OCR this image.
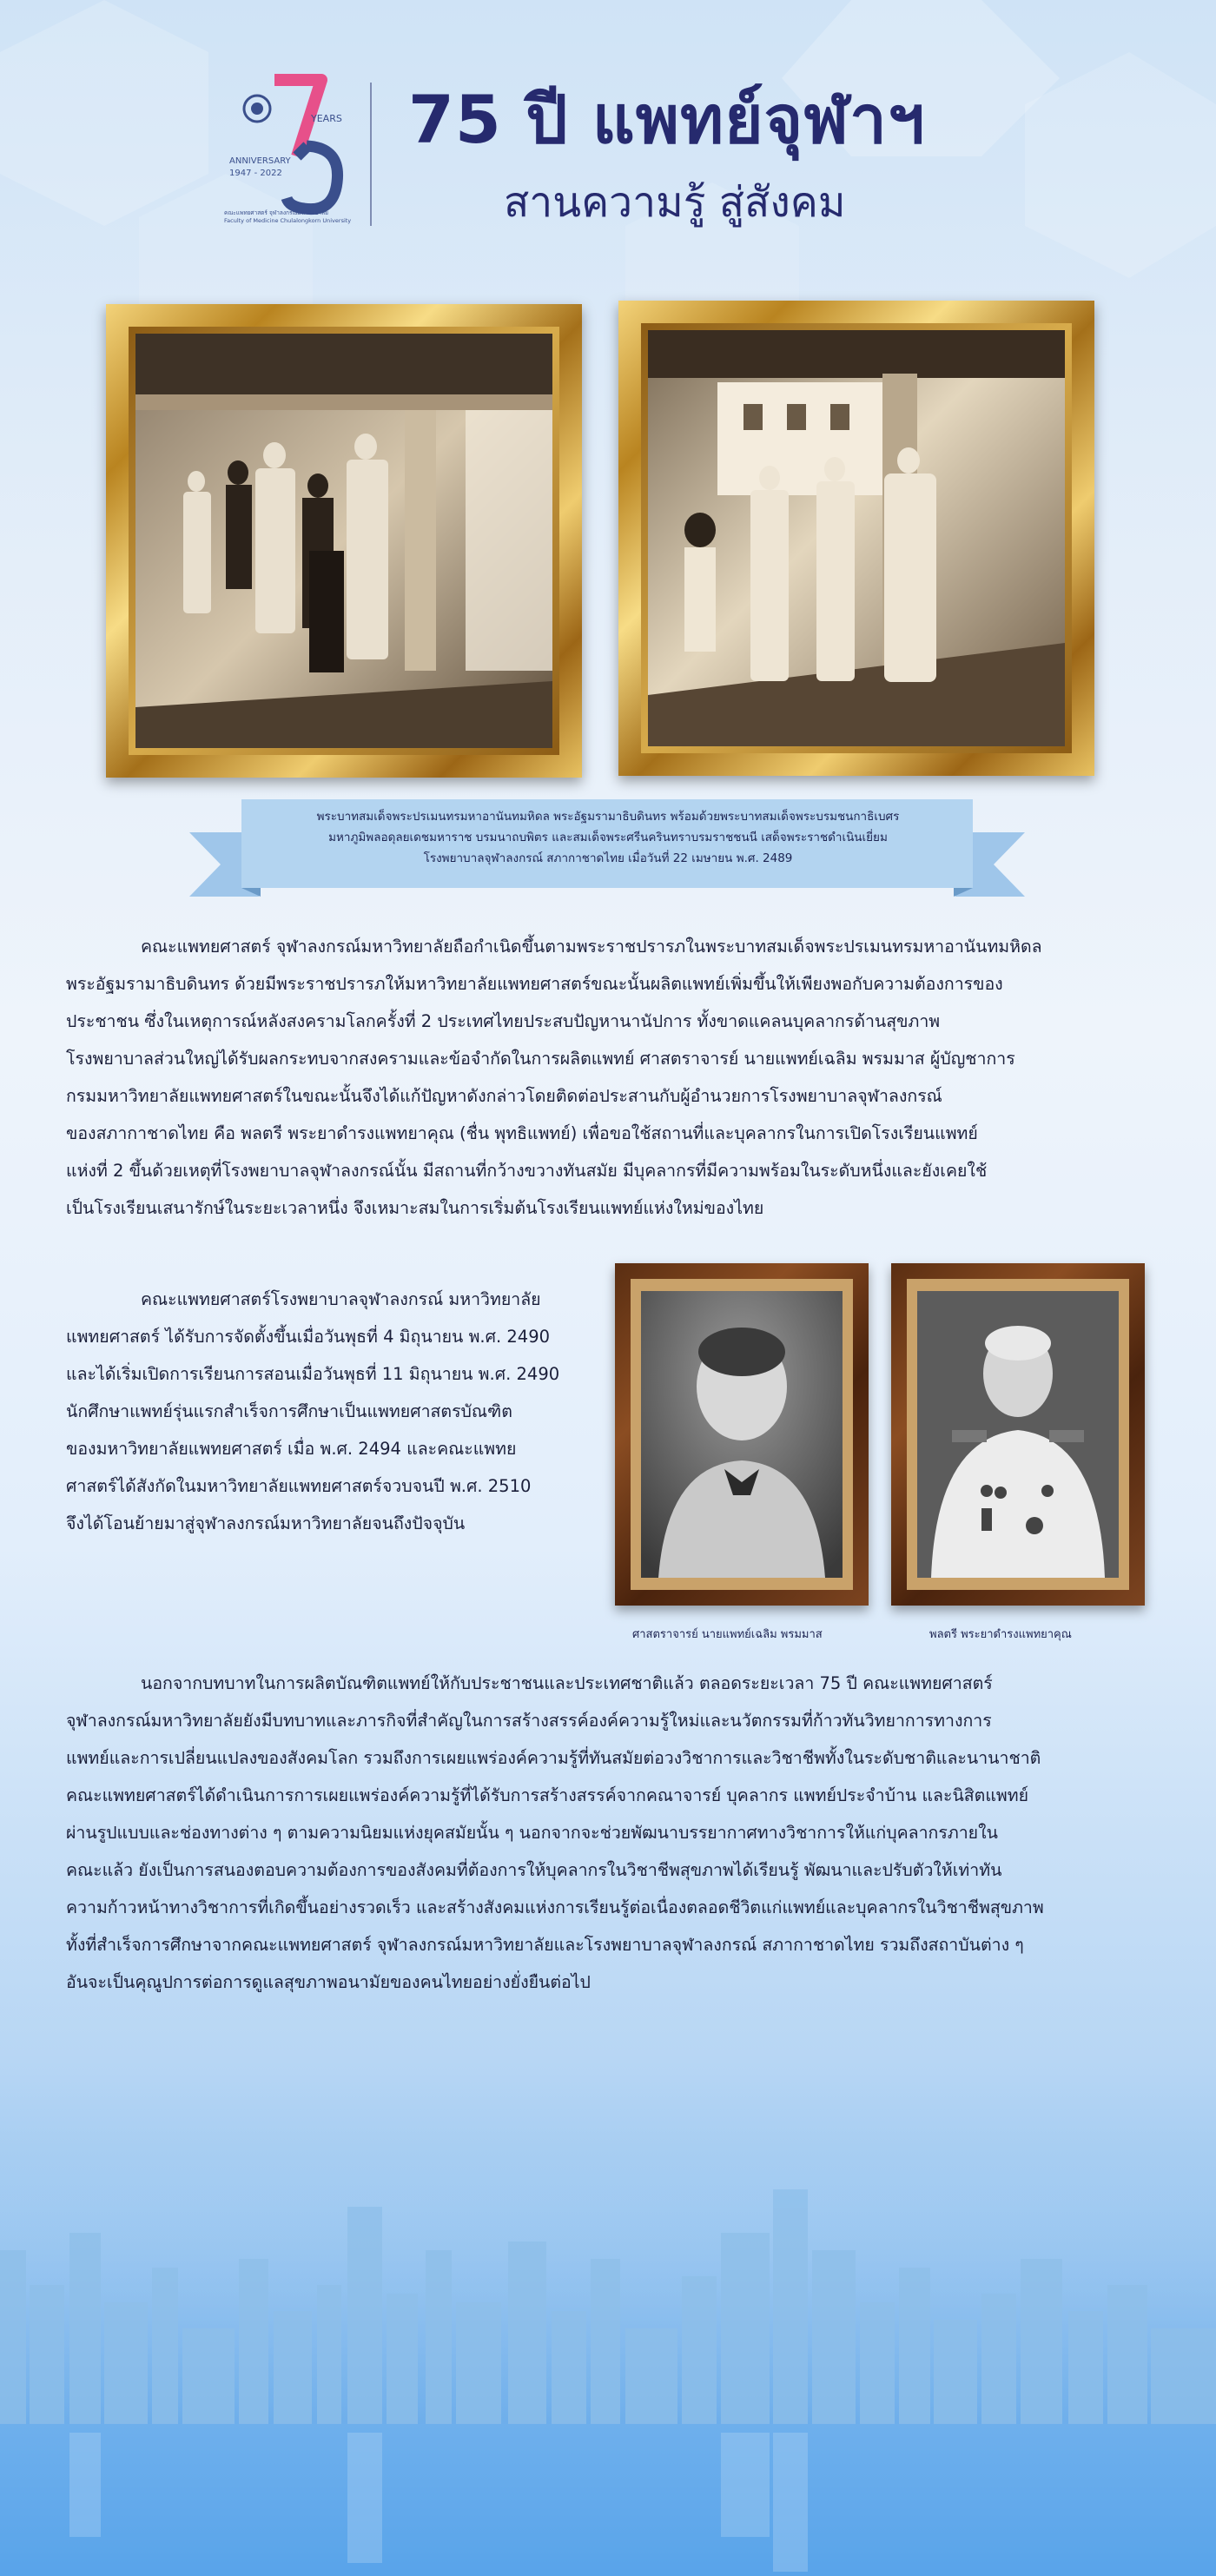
YEARS
ANNIVERSARY
1947 - 2022
คณะแพทยศาสตร์ จุฬาลงกรณ์มหาวิทยาลัย
Faculty of Medicine Chulalongkorn University
75 ปี แพทย์จุฬาฯ
สานความรู้ สู่สังคม
พระบาทสมเด็จพระปรเมนทรมหาอานันทมหิดล พระอัฐมรามาธิบดินทร พร้อมด้วยพระบาทสมเด็จพระบรมชนกาธิเบศร
มหาภูมิพลอดุลยเดชมหาราช บรมนาถบพิตร และสมเด็จพระศรีนครินทราบรมราชชนนี เสด็จพระราชดำเนินเยี่ยม
โรงพยาบาลจุฬาลงกรณ์ สภากาชาดไทย เมื่อวันที่ 22 เมษายน พ.ศ. 2489
คณะแพทยศาสตร์ จุฬาลงกรณ์มหาวิทยาลัยถือกำเนิดขึ้นตามพระราชปรารภในพระบาทสมเด็จพระปรเมนทรมหาอานันทมหิดล
พระอัฐมรามาธิบดินทร ด้วยมีพระราชปรารภให้มหาวิทยาลัยแพทยศาสตร์ขณะนั้นผลิตแพทย์เพิ่มขึ้นให้เพียงพอกับความต้องการของ
ประชาชน ซึ่งในเหตุการณ์หลังสงครามโลกครั้งที่ 2 ประเทศไทยประสบปัญหานานัปการ ทั้งขาดแคลนบุคลากรด้านสุขภาพ
โรงพยาบาลส่วนใหญ่ได้รับผลกระทบจากสงครามและข้อจำกัดในการผลิตแพทย์ ศาสตราจารย์ นายแพทย์เฉลิม พรมมาส ผู้บัญชาการ
กรมมหาวิทยาลัยแพทยศาสตร์ในขณะนั้นจึงได้แก้ปัญหาดังกล่าวโดยติดต่อประสานกับผู้อำนวยการโรงพยาบาลจุฬาลงกรณ์
ของสภากาชาดไทย คือ พลตรี พระยาดำรงแพทยาคุณ (ชื่น พุทธิแพทย์) เพื่อขอใช้สถานที่และบุคลากรในการเปิดโรงเรียนแพทย์
แห่งที่ 2 ขึ้นด้วยเหตุที่โรงพยาบาลจุฬาลงกรณ์นั้น มีสถานที่กว้างขวางทันสมัย มีบุคลากรที่มีความพร้อมในระดับหนึ่งและยังเคยใช้
เป็นโรงเรียนเสนารักษ์ในระยะเวลาหนึ่ง จึงเหมาะสมในการเริ่มต้นโรงเรียนแพทย์แห่งใหม่ของไทย
คณะแพทยศาสตร์โรงพยาบาลจุฬาลงกรณ์ มหาวิทยาลัย
แพทยศาสตร์ ได้รับการจัดตั้งขึ้นเมื่อวันพุธที่ 4 มิถุนายน พ.ศ. 2490
และได้เริ่มเปิดการเรียนการสอนเมื่อวันพุธที่ 11 มิถุนายน พ.ศ. 2490
นักศึกษาแพทย์รุ่นแรกสำเร็จการศึกษาเป็นแพทยศาสตรบัณฑิต
ของมหาวิทยาลัยแพทยศาสตร์ เมื่อ พ.ศ. 2494 และคณะแพทย
ศาสตร์ได้สังกัดในมหาวิทยาลัยแพทยศาสตร์จวบจนปี พ.ศ. 2510
จึงได้โอนย้ายมาสู่จุฬาลงกรณ์มหาวิทยาลัยจนถึงปัจจุบัน
ศาสตราจารย์ นายแพทย์เฉลิม พรมมาส	พลตรี พระยาดำรงแพทยาคุณ
นอกจากบทบาทในการผลิตบัณฑิตแพทย์ให้กับประชาชนและประเทศชาติแล้ว ตลอดระยะเวลา 75 ปี คณะแพทยศาสตร์
จุฬาลงกรณ์มหาวิทยาลัยยังมีบทบาทและภารกิจที่สำคัญในการสร้างสรรค์องค์ความรู้ใหม่และนวัตกรรมที่ก้าวทันวิทยาการทางการ
แพทย์และการเปลี่ยนแปลงของสังคมโลก รวมถึงการเผยแพร่องค์ความรู้ที่ทันสมัยต่อวงวิชาการและวิชาชีพทั้งในระดับชาติและนานาชาติ
คณะแพทยศาสตร์ได้ดำเนินการการเผยแพร่องค์ความรู้ที่ได้รับการสร้างสรรค์จากคณาจารย์ บุคลากร แพทย์ประจำบ้าน และนิสิตแพทย์
ผ่านรูปแบบและช่องทางต่าง ๆ ตามความนิยมแห่งยุคสมัยนั้น ๆ นอกจากจะช่วยพัฒนาบรรยากาศทางวิชาการให้แก่บุคลากรภายใน
คณะแล้ว ยังเป็นการสนองตอบความต้องการของสังคมที่ต้องการให้บุคลากรในวิชาชีพสุขภาพได้เรียนรู้ พัฒนาและปรับตัวให้เท่าทัน
ความก้าวหน้าทางวิชาการที่เกิดขึ้นอย่างรวดเร็ว และสร้างสังคมแห่งการเรียนรู้ต่อเนื่องตลอดชีวิตแก่แพทย์และบุคลากรในวิชาชีพสุขภาพ
ทั้งที่สำเร็จการศึกษาจากคณะแพทยศาสตร์ จุฬาลงกรณ์มหาวิทยาลัยและโรงพยาบาลจุฬาลงกรณ์ สภากาชาดไทย รวมถึงสถาบันต่าง ๆ
อันจะเป็นคุณูปการต่อการดูแลสุขภาพอนามัยของคนไทยอย่างยั่งยืนต่อไป
